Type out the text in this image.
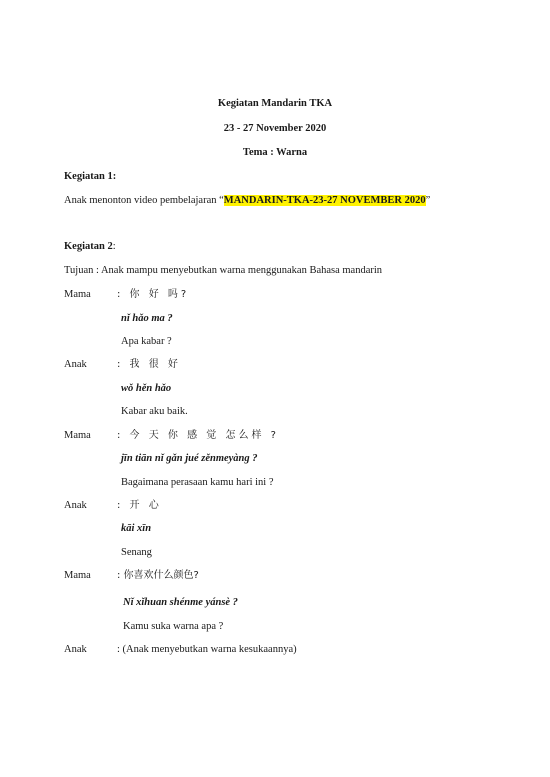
Kegiatan Mandarin TKA
23 - 27 November 2020
Tema : Warna
Kegiatan 1:
Anak menonton video pembelajaran “MANDARIN-TKA-23-27 NOVEMBER 2020”
Kegiatan 2:
Tujuan : Anak mampu menyebutkan warna menggunakan Bahasa mandarin
Mama	: 你 好 吗?
nǐ hǎo ma ?
Apa kabar ?
Anak	: 我 很 好
wǒ hěn hǎo
Kabar aku baik.
Mama	: 今 天 你 感 觉 怎么样 ?
jīn tiān nǐ gǎn jué zěnmeyàng ?
Bagaimana perasaan kamu hari ini ?
Anak	: 开 心
kāi xīn
Senang
Mama	: 你喜欢什么颜色?
Nǐ xǐhuan shénme yánsè ?
Kamu suka warna apa ?
Anak	: (Anak menyebutkan warna kesukaannya)
